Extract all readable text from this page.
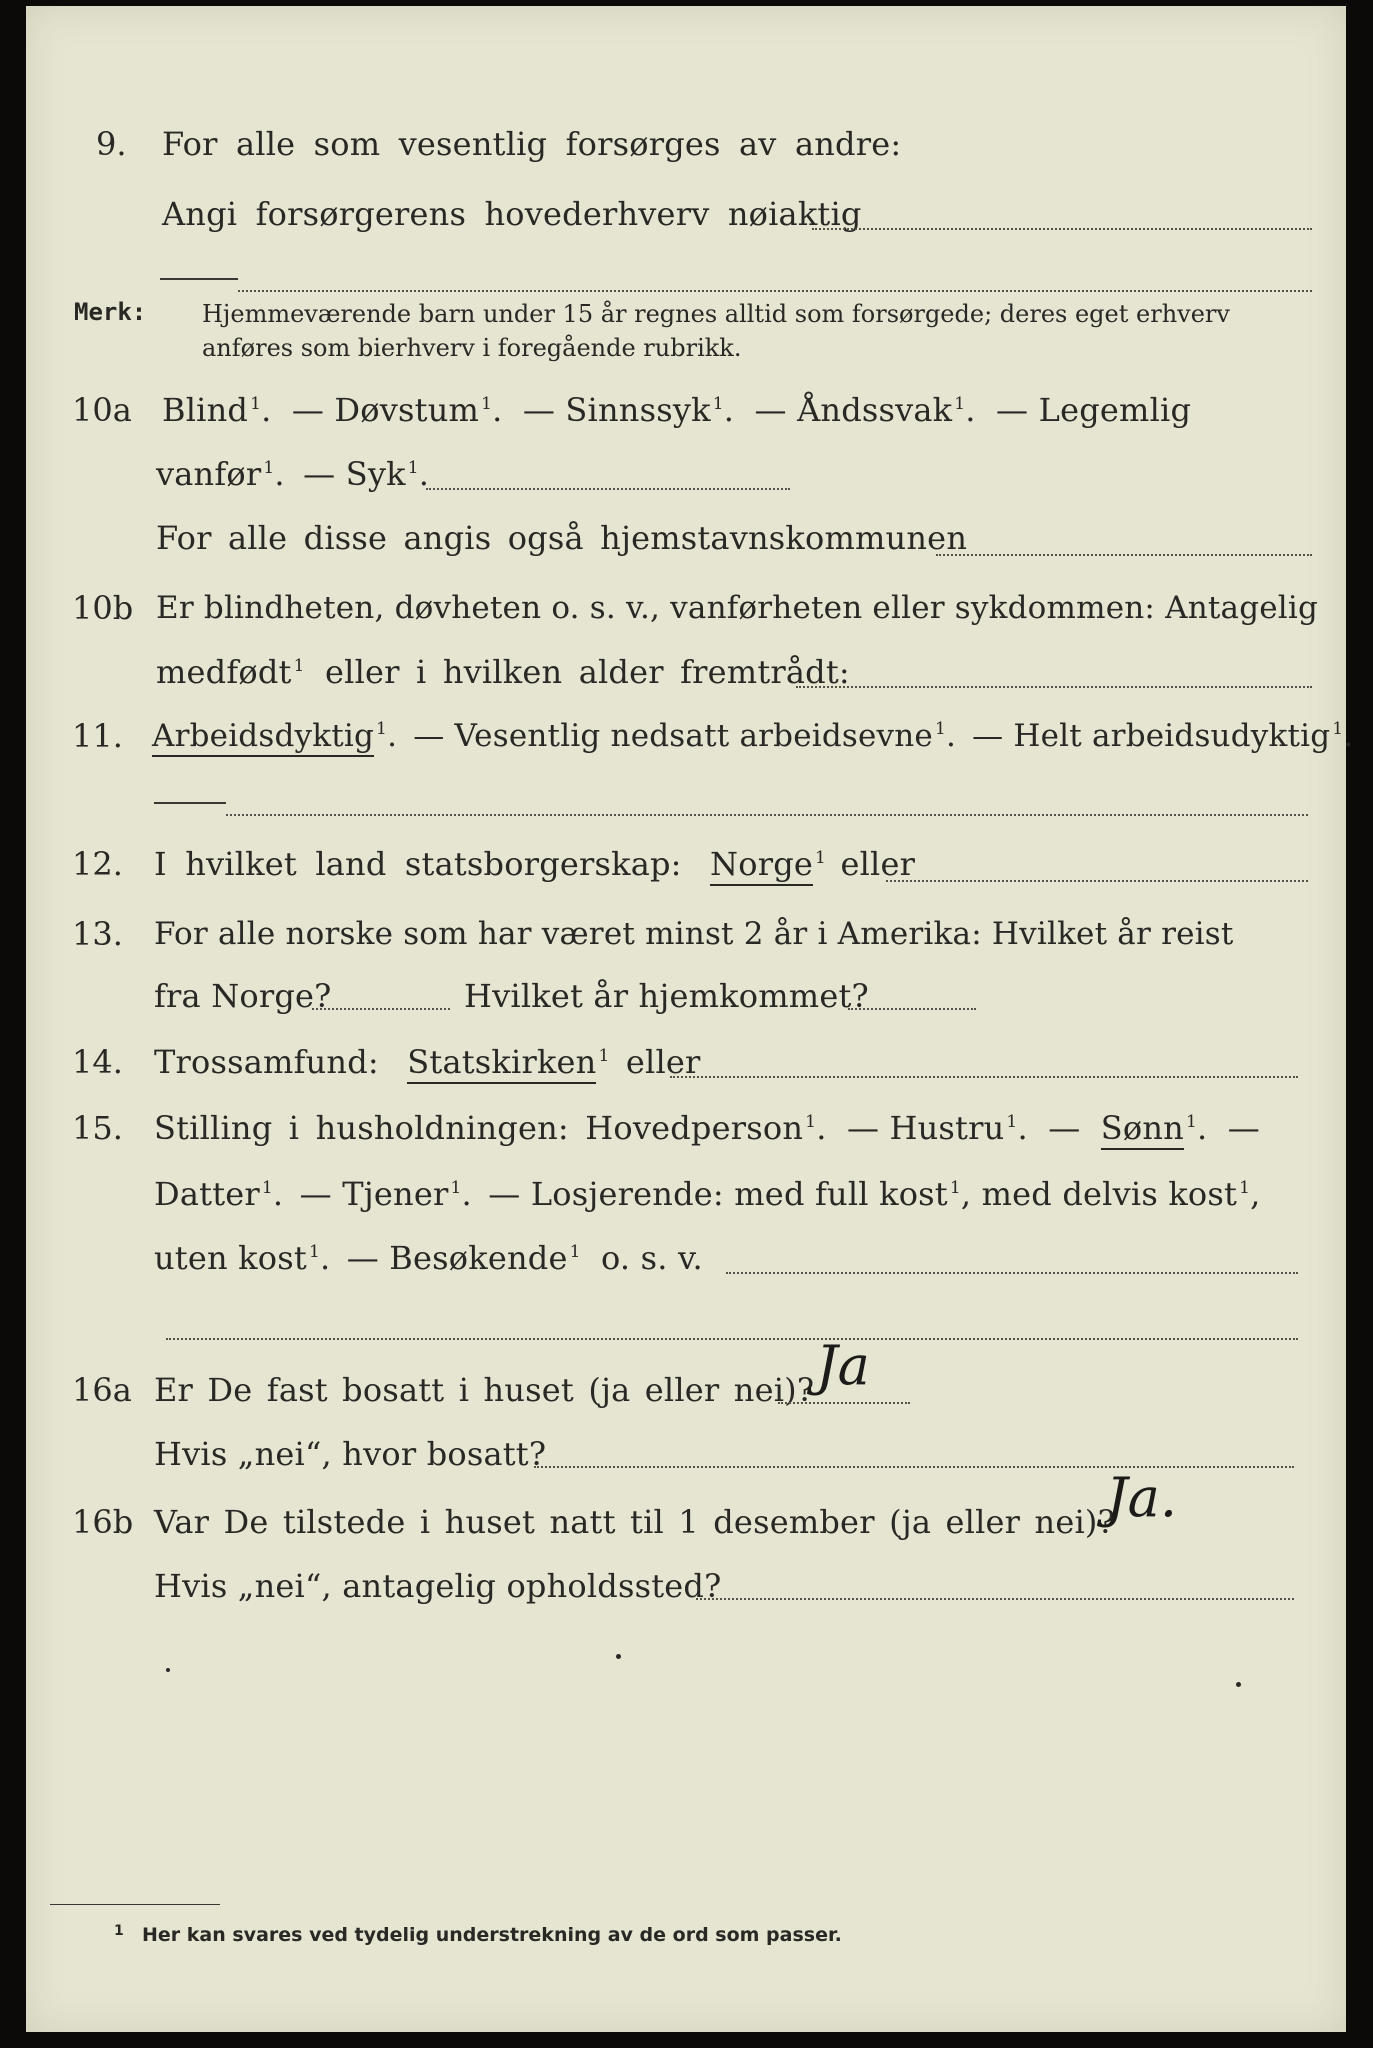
9. For alle som vesentlig forsørges av andre:
Angi forsørgerens hovederhverv nøiaktig
Merk: Hjemmeværende barn under 15 år regnes alltid som forsørgede; deres eget erhverv
anføres som bierhverv i foregående rubrikk.
10a Blind $^1$. — Døvstum $^1$. — Sinnssyk $^1$. — Åndssvak $^1$. — Legemlig
vanfør $^1$. — Syk $^1$.
For alle disse angis også hjemstavnskommunen
10b Er blindheten, døvheten o. s. v., vanførheten eller sykdommen: Antagelig
medfødt $^1$ eller i hvilken alder fremtrådt:
11. Arbeidsdyktig $^1$. — Vesentlig nedsatt arbeidsevne $^1$. — Helt arbeidsudyktig $^1$.
12. I hvilket land statsborgerskap: Norge $^1$ eller
13. For alle norske som har været minst 2 år i Amerika: Hvilket år reist
fra Norge?	Hvilket år hjemkommet?
14. Trossamfund: Statskirken $^1$ eller
15. Stilling i husholdningen: Hovedperson $^1$. — Hustru $^1$. — Sønn $^1$. —
Datter $^1$. — Tjener $^1$. — Losjerende: med full kost $^1$, med delvis kost $^1$,
uten kost $^1$. — Besøkende $^1$ o. s. v.
16a Er De fast bosatt i huset (ja eller nei)? Ja
Hvis „nei“, hvor bosatt?
16b Var De tilstede i huset natt til 1 desember (ja eller nei)?
Ja.
Hvis „nei“, antagelig opholdssted?
1 Her kan svares ved tydelig understrekning av de ord som passer.
